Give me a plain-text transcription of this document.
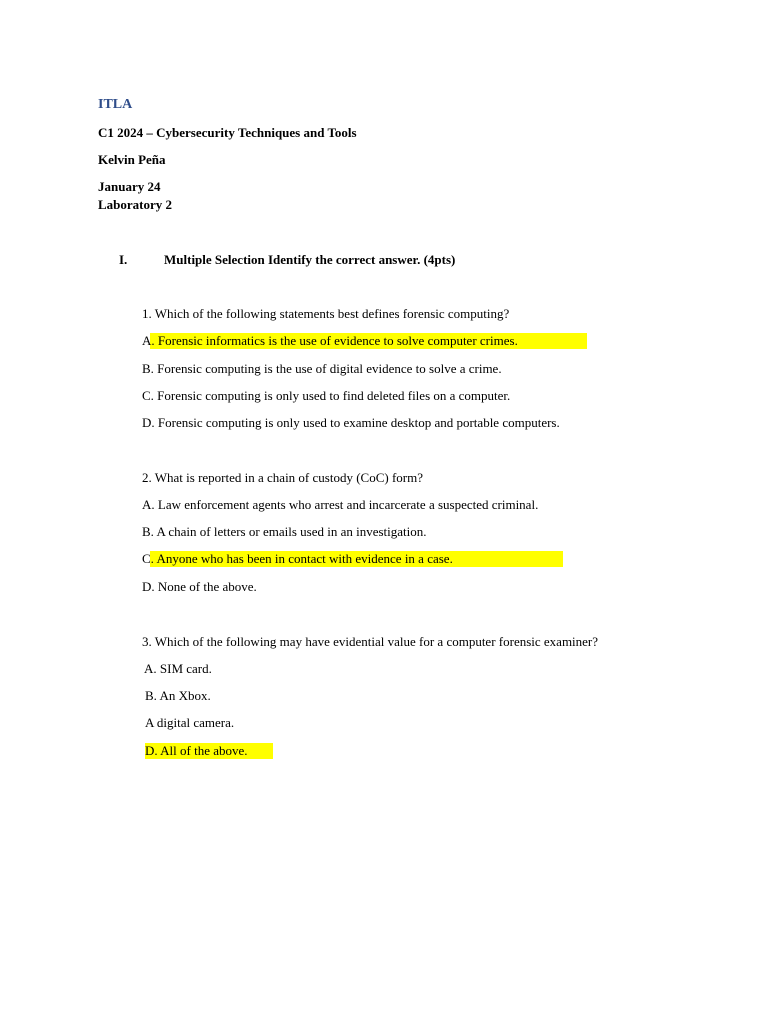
ITLA
C1 2024 – Cybersecurity Techniques and Tools
Kelvin Peña
January 24
Laboratory 2
I.	Multiple Selection Identify the correct answer. (4pts)
1. Which of the following statements best defines forensic computing?
A. Forensic informatics is the use of evidence to solve computer crimes.
B. Forensic computing is the use of digital evidence to solve a crime.
C. Forensic computing is only used to find deleted files on a computer.
D. Forensic computing is only used to examine desktop and portable computers.
2. What is reported in a chain of custody (CoC) form?
A. Law enforcement agents who arrest and incarcerate a suspected criminal.
B. A chain of letters or emails used in an investigation.
C. Anyone who has been in contact with evidence in a case.
D. None of the above.
3. Which of the following may have evidential value for a computer forensic examiner?
A. SIM card.
B. An Xbox.
A digital camera.
D. All of the above.
